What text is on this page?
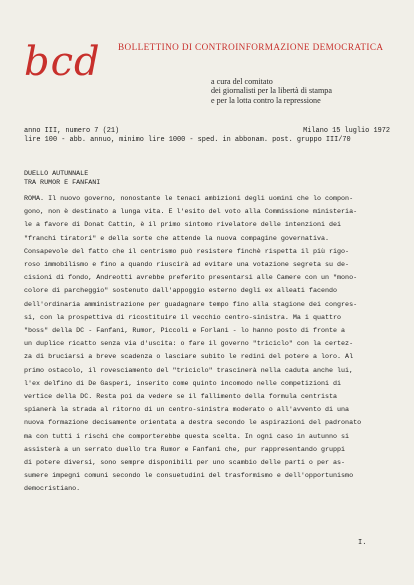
bcd BOLLETTINO DI CONTROINFORMAZIONE DEMOCRATICA
a cura del comitato
dei giornalisti per la libertà di stampa
e per la lotta contro la repressione
anno III, numero 7 (21)	Milano 15 luglio 1972
lire 100 - abb. annuo, minimo lire 1000 - sped. in abbonam. post. gruppo III/70
DUELLO AUTUNNALE
TRA RUMOR E FANFANI
ROMA. Il nuovo governo, nonostante le tenaci ambizioni degli uomini che lo compon-
gono, non è destinato a lunga vita. E l'esito del voto alla Commissione ministeria-
le a favore di Donat Cattin, è il primo sintomo rivelatore delle intenzioni dei
"franchi tiratori" e della sorte che attende la nuova compagine governativa.
Consapevole del fatto che il centrismo può resistere finchè rispetta il più rigo-
roso immobilismo e fino a quando riuscirà ad evitare una votazione segreta su de-
cisioni di fondo, Andreotti avrebbe preferito presentarsi alle Camere con un "mono-
colore di parcheggio" sostenuto dall'appoggio esterno degli ex alleati facendo
dell'ordinaria amministrazione per guadagnare tempo fino alla stagione dei congres-
si, con la prospettiva di ricostituire il vecchio centro-sinistra. Ma i quattro
"boss" della DC - Fanfani, Rumor, Piccoli e Forlani - lo hanno posto di fronte a
un duplice ricatto senza via d'uscita: o fare il governo "triciclo" con la certez-
za di bruciarsi a breve scadenza o lasciare subito le redini del potere a loro. Al
primo ostacolo, il rovesciamento del "triciclo" trascinerà nella caduta anche lui,
l'ex delfino di De Gasperi, inserito come quinto incomodo nelle competizioni di
vertice della DC. Resta poi da vedere se il fallimento della formula centrista
spianerà la strada al ritorno di un centro-sinistra moderato o all'avvento di una
nuova formazione decisamente orientata a destra secondo le aspirazioni del padronato
ma con tutti i rischi che comporterebbe questa scelta. In ogni caso in autunno si
assisterà a un serrato duello tra Rumor e Fanfani che, pur rappresentando gruppi
di potere diversi, sono sempre disponibili per uno scambio delle parti o per as-
sumere impegni comuni secondo le consuetudini del trasformismo e dell'opportunismo
democristiano.
I.
